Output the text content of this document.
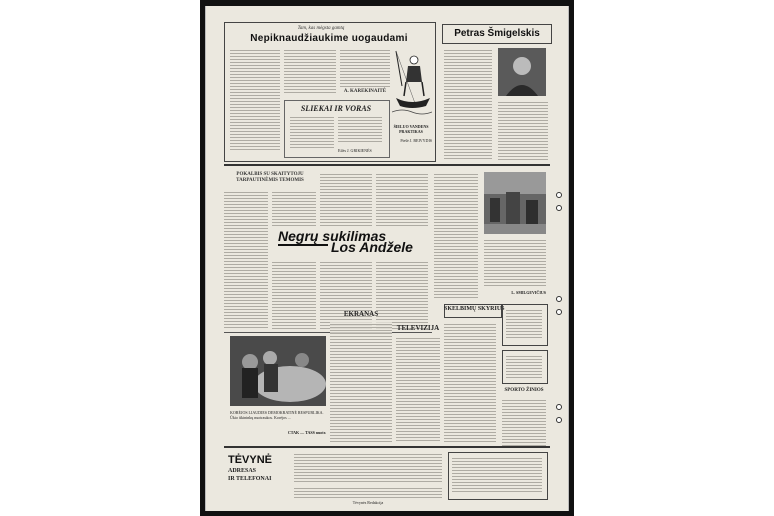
Tam, kas mėgsta gamtą
Nepiknaudžiaukime uogaudami
A. KAREKINAITĖ
SLIEKAI IR VORAS
Eilės J. GRIKIENĖS
ŠIELUO VANDENS PRAKTIKAS
Piešė J. BEIVYDIS
Petras Šmigelskis
POKALBIS SU SKAITYTOJU TARPAUTINĖMIS TEMOMIS
Negrų sukilimas
Los Andžele
L. SMILGEVIČIUS
KORĖJOS LIAUDIES DEMOKRATINĖ RESPUBLIKA. Ūkio ūkininkų nuotraukos. Korėjos ...
CTAK — TASS nuotr.
EKRANAS
TELEVIZIJA
SKELBIMŲ SKYRIUS
SPORTO ŽINIOS
TĖVYNĖ
ADRESAS
IR TELEFONAI
Tėvynės Redakcija
